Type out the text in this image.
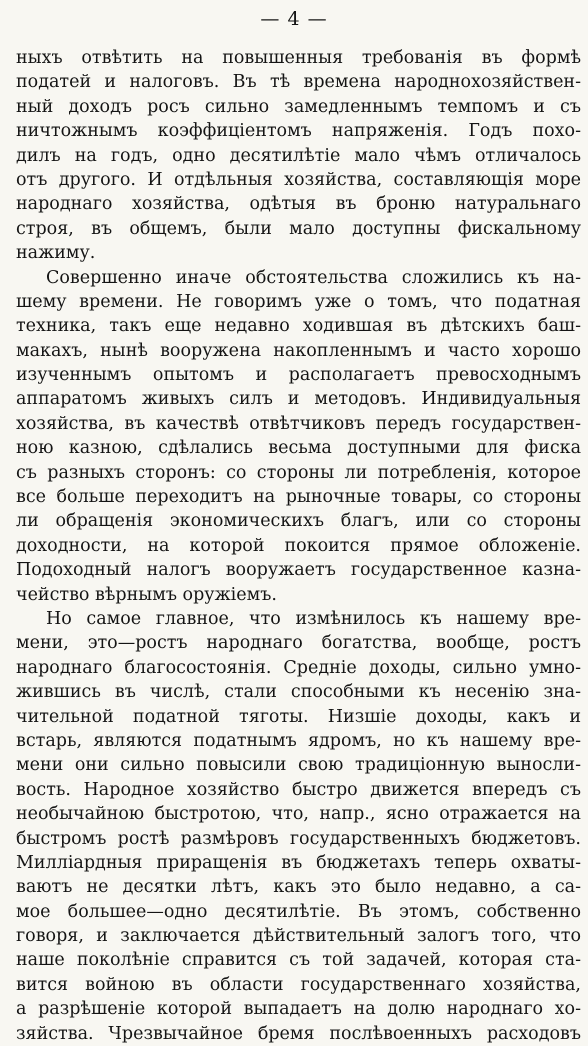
— 4 —
ныхъ отвѣтить на повышенныя требованія въ формѣ
податей и налоговъ. Въ тѣ времена народнохозяйствен-
ный доходъ росъ сильно замедленнымъ темпомъ и съ
ничтожнымъ коэффиціентомъ напряженія. Годъ похо-
дилъ на годъ, одно десятилѣтіе мало чѣмъ отличалось
отъ другого. И отдѣльныя хозяйства, составляющія море
народнаго хозяйства, одѣтыя въ броню натуральнаго
строя, въ общемъ, были мало доступны фискальному
нажиму.
Совершенно иначе обстоятельства сложились къ на-
шему времени. Не говоримъ уже о томъ, что податная
техника, такъ еще недавно ходившая въ дѣтскихъ баш-
макахъ, нынѣ вооружена накопленнымъ и часто хорошо
изученнымъ опытомъ и располагаетъ превосходнымъ
аппаратомъ живыхъ силъ и методовъ. Индивидуальныя
хозяйства, въ качествѣ отвѣтчиковъ передъ государствен-
ною казною, сдѣлались весьма доступными для фиска
съ разныхъ сторонъ: со стороны ли потребленія, которое
все больше переходитъ на рыночные товары, со стороны
ли обращенія экономическихъ благъ, или со стороны
доходности, на которой покоится прямое обложеніе.
Подоходный налогъ вооружаетъ государственное казна-
чейство вѣрнымъ оружіемъ.
Но самое главное, что измѣнилось къ нашему вре-
мени, это—ростъ народнаго богатства, вообще, ростъ
народнаго благосостоянія. Средніе доходы, сильно умно-
жившись въ числѣ, стали способными къ несенію зна-
чительной податной тяготы. Низшіе доходы, какъ и
встарь, являются податнымъ ядромъ, но къ нашему вре-
мени они сильно повысили свою традиціонную выносли-
вость. Народное хозяйство быстро движется впередъ съ
необычайною быстротою, что, напр., ясно отражается на
быстромъ ростѣ размѣровъ государственныхъ бюджетовъ.
Милліардныя приращенія въ бюджетахъ теперь охваты-
ваютъ не десятки лѣтъ, какъ это было недавно, а са-
мое большее—одно десятилѣтіе. Въ этомъ, собственно
говоря, и заключается дѣйствительный залогъ того, что
наше поколѣніе справится съ той задачей, которая ста-
вится войною въ области государственнаго хозяйства,
а разрѣшеніе которой выпадаетъ на долю народнаго хо-
зяйства. Чрезвычайное бремя послѣвоенныхъ расходовъ
